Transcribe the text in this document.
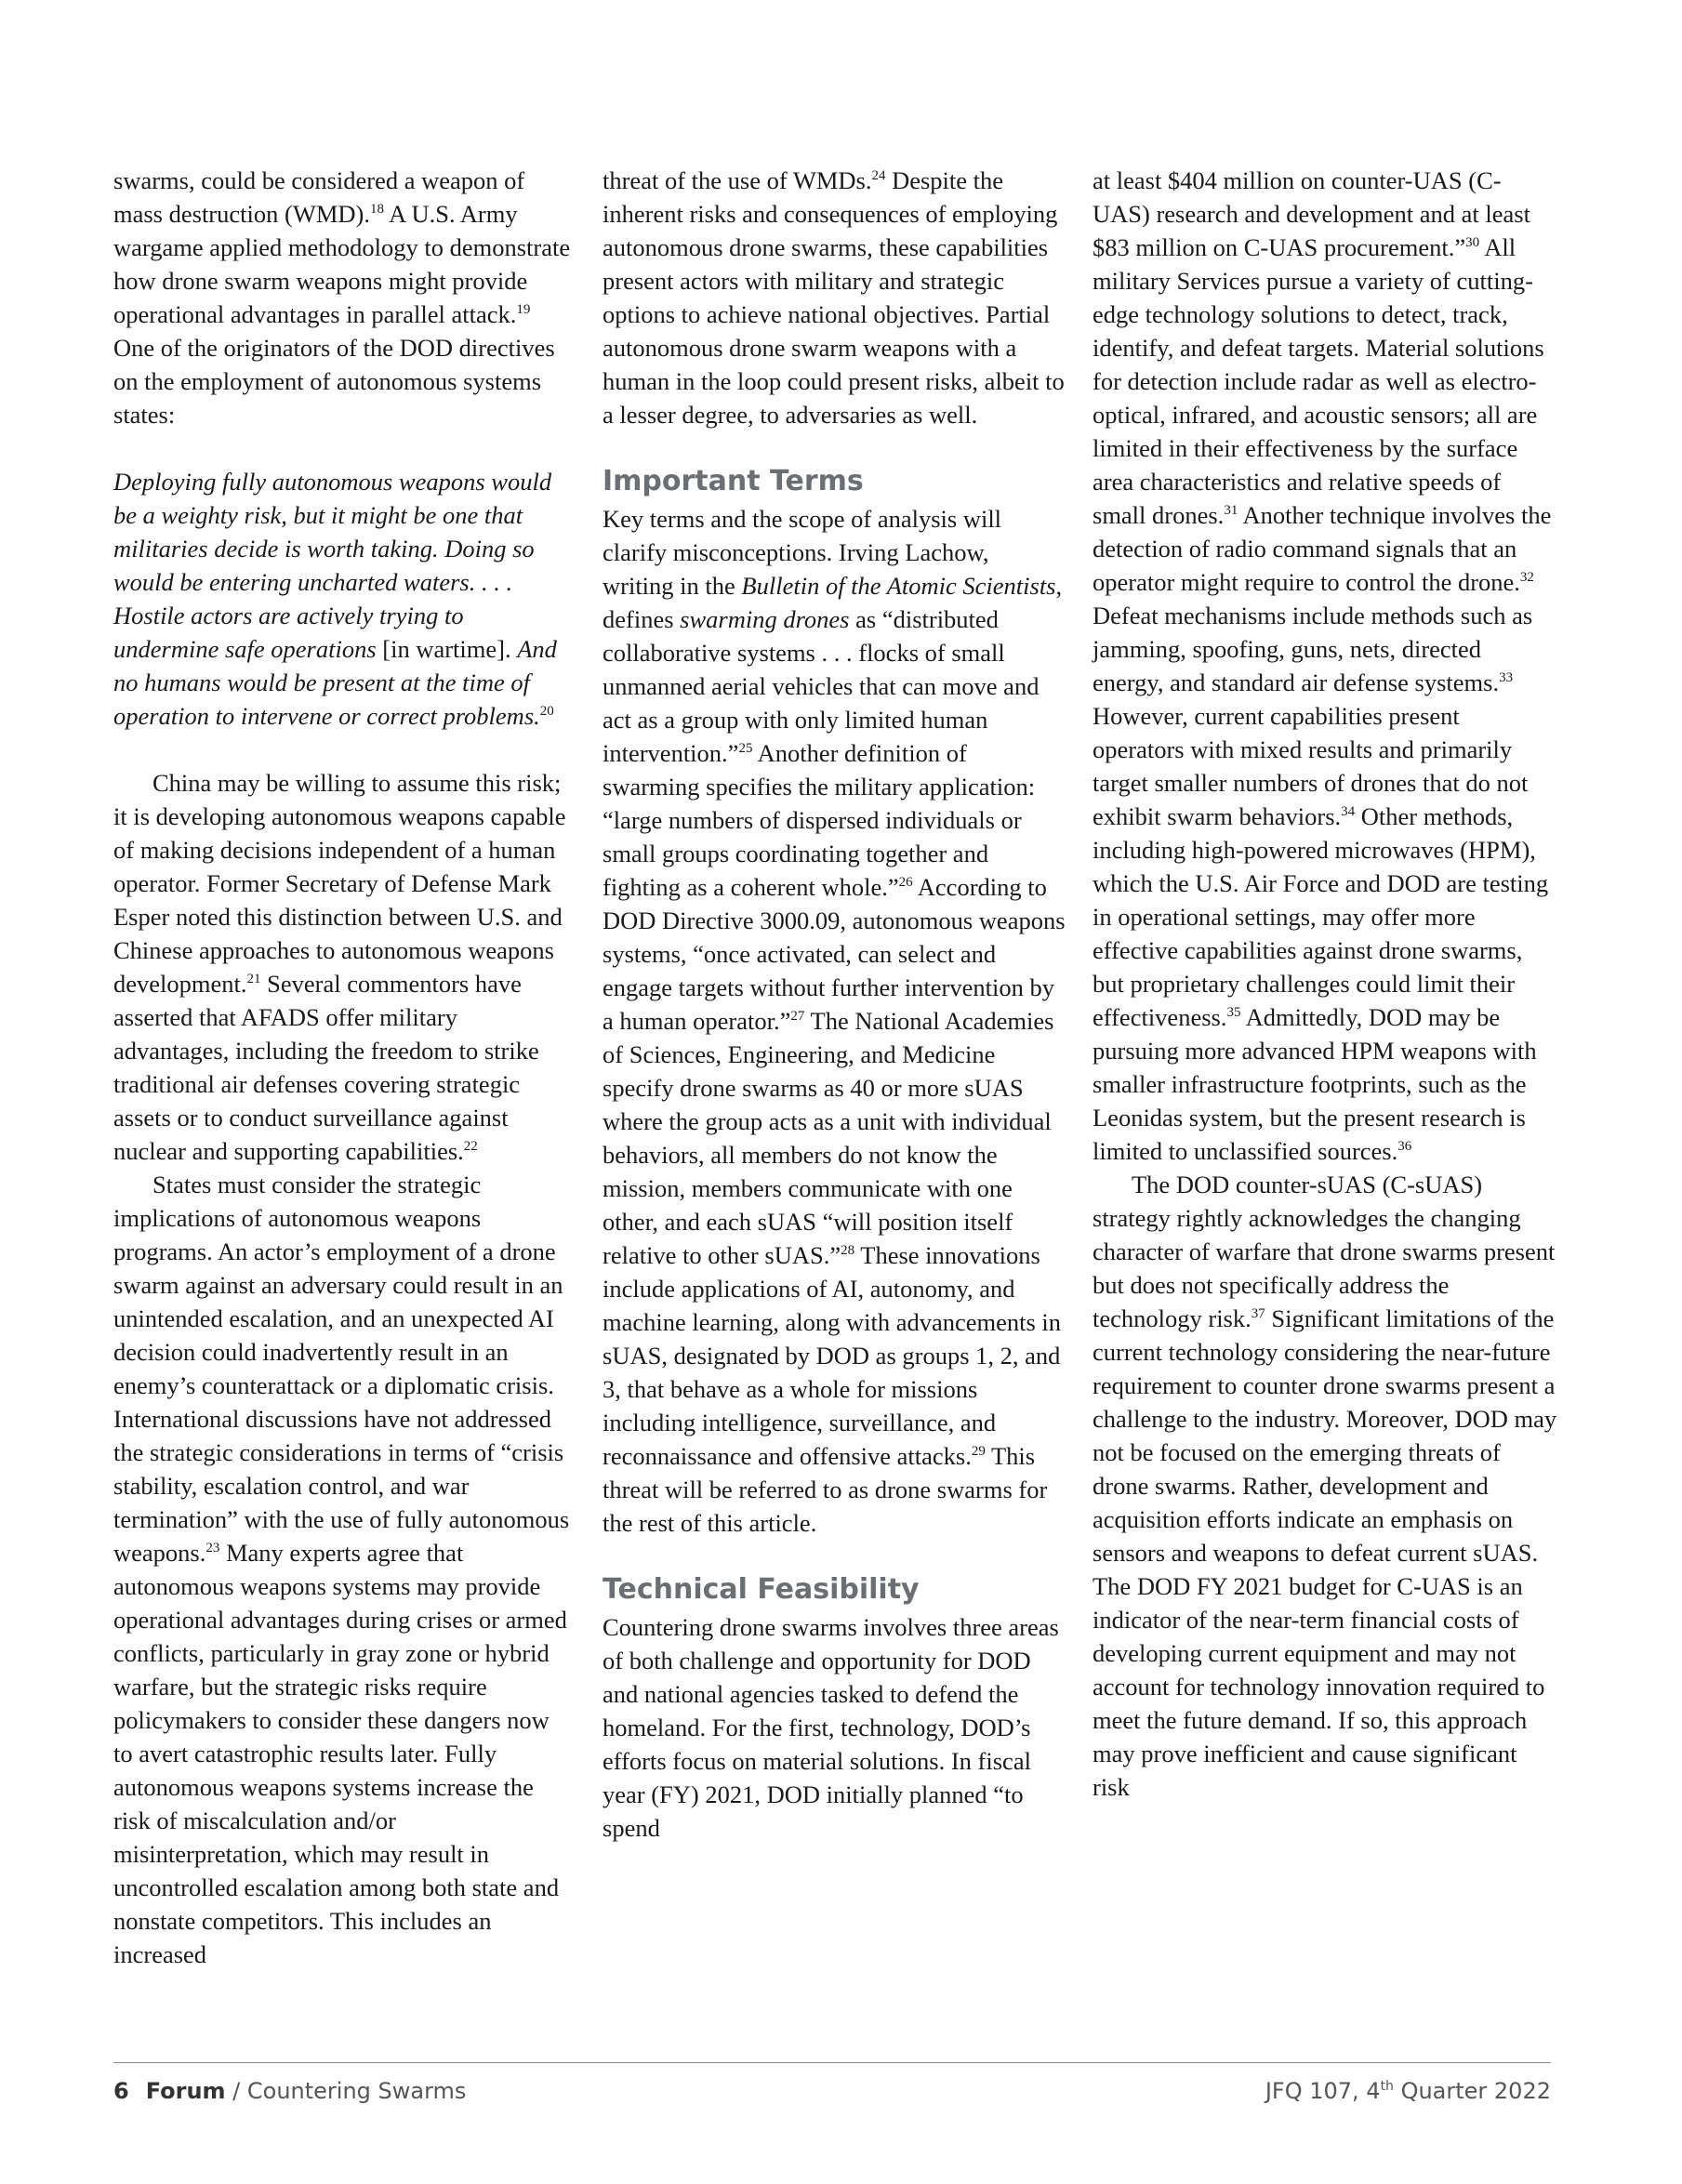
swarms, could be considered a weapon of mass destruction (WMD).$^{18}$ A U.S. Army wargame applied methodology to demonstrate how drone swarm weapons might provide operational advantages in parallel attack.$^{19}$ One of the originators of the DOD directives on the employment of autonomous systems states:

Deploying fully autonomous weapons would be a weighty risk, but it might be one that militaries decide is worth taking. Doing so would be entering uncharted waters. . . . Hostile actors are actively trying to undermine safe operations [in wartime]. And no humans would be present at the time of operation to intervene or correct problems.$^{20}$

China may be willing to assume this risk; it is developing autonomous weapons capable of making decisions independent of a human operator. Former Secretary of Defense Mark Esper noted this distinction between U.S. and Chinese approaches to autonomous weapons development.$^{21}$ Several commentors have asserted that AFADS offer military advantages, including the freedom to strike traditional air defenses covering strategic assets or to conduct surveillance against nuclear and supporting capabilities.$^{22}$

States must consider the strategic implications of autonomous weapons programs. An actor’s employment of a drone swarm against an adversary could result in an unintended escalation, and an unexpected AI decision could inadvertently result in an enemy’s counterattack or a diplomatic crisis. International discussions have not addressed the strategic considerations in terms of “crisis stability, escalation control, and war termination” with the use of fully autonomous weapons.$^{23}$ Many experts agree that autonomous weapons systems may provide operational advantages during crises or armed conflicts, particularly in gray zone or hybrid warfare, but the strategic risks require policymakers to consider these dangers now to avert catastrophic results later. Fully autonomous weapons systems increase the risk of miscalculation and/or misinterpretation, which may result in uncontrolled escalation among both state and nonstate competitors. This includes an increased

threat of the use of WMDs.$^{24}$ Despite the inherent risks and consequences of employing autonomous drone swarms, these capabilities present actors with military and strategic options to achieve national objectives. Partial autonomous drone swarm weapons with a human in the loop could present risks, albeit to a lesser degree, to adversaries as well.

Important Terms

Key terms and the scope of analysis will clarify misconceptions. Irving Lachow, writing in the Bulletin of the Atomic Scientists, defines swarming drones as “distributed collaborative systems . . . flocks of small unmanned aerial vehicles that can move and act as a group with only limited human intervention.”$^{25}$ Another definition of swarming specifies the military application: “large numbers of dispersed individuals or small groups coordinating together and fighting as a coherent whole.”$^{26}$ According to DOD Directive 3000.09, autonomous weapons systems, “once activated, can select and engage targets without further intervention by a human operator.”$^{27}$ The National Academies of Sciences, Engineering, and Medicine specify drone swarms as 40 or more sUAS where the group acts as a unit with individual behaviors, all members do not know the mission, members communicate with one other, and each sUAS “will position itself relative to other sUAS.”$^{28}$ These innovations include applications of AI, autonomy, and machine learning, along with advancements in sUAS, designated by DOD as groups 1, 2, and 3, that behave as a whole for missions including intelligence, surveillance, and reconnaissance and offensive attacks.$^{29}$ This threat will be referred to as drone swarms for the rest of this article.

Technical Feasibility

Countering drone swarms involves three areas of both challenge and opportunity for DOD and national agencies tasked to defend the homeland. For the first, technology, DOD’s efforts focus on material solutions. In fiscal year (FY) 2021, DOD initially planned “to spend

at least $404 million on counter-UAS (C-UAS) research and development and at least $83 million on C-UAS procurement.”$^{30}$ All military Services pursue a variety of cutting-edge technology solutions to detect, track, identify, and defeat targets. Material solutions for detection include radar as well as electro-optical, infrared, and acoustic sensors; all are limited in their effectiveness by the surface area characteristics and relative speeds of small drones.$^{31}$ Another technique involves the detection of radio command signals that an operator might require to control the drone.$^{32}$ Defeat mechanisms include methods such as jamming, spoofing, guns, nets, directed energy, and standard air defense systems.$^{33}$ However, current capabilities present operators with mixed results and primarily target smaller numbers of drones that do not exhibit swarm behaviors.$^{34}$ Other methods, including high-powered microwaves (HPM), which the U.S. Air Force and DOD are testing in operational settings, may offer more effective capabilities against drone swarms, but proprietary challenges could limit their effectiveness.$^{35}$ Admittedly, DOD may be pursuing more advanced HPM weapons with smaller infrastructure footprints, such as the Leonidas system, but the present research is limited to unclassified sources.$^{36}$

The DOD counter-sUAS (C-sUAS) strategy rightly acknowledges the changing character of warfare that drone swarms present but does not specifically address the technology risk.$^{37}$ Significant limitations of the current technology considering the near-future requirement to counter drone swarms present a challenge to the industry. Moreover, DOD may not be focused on the emerging threats of drone swarms. Rather, development and acquisition efforts indicate an emphasis on sensors and weapons to defeat current sUAS. The DOD FY 2021 budget for C-UAS is an indicator of the near-term financial costs of developing current equipment and may not account for technology innovation required to meet the future demand. If so, this approach may prove inefficient and cause significant risk

6 Forum / Countering Swarms	JFQ 107, 4th Quarter 2022
